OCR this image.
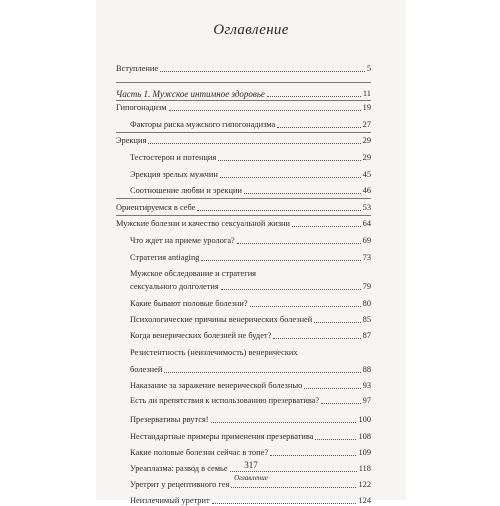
Оглавление
Вступление	5
Часть 1. Мужское интимное здоровье	11
Гипогонадизм	19
Факторы риска мужского гипогонадизма	27
Эрекция	29
Тестостерон и потенция	29
Эрекция зрелых мужчин	45
Соотношение любви и эрекции	46
Ориентируемся в себе	53
Мужские болезни и качество сексуальной жизни	64
Что ждет на приеме уролога?	69
Стратегия antiaging	73
Мужское обследование и стратегия
сексуального долголетия	79
Какие бывают половые болезни?	80
Психологические причины венерических болезней	85
Когда венерических болезней не будет?	87
Резистентность (неизлечимость) венерических
болезней	88
Наказание за заражение венерической болезнью	93
Есть ли препятствия к использованию презерватива?	97
Презервативы рвутся!	100
Нестандартные примеры применения презерватива	108
Какие половые болезни сейчас в топе?	109
Уреаплазма: развод в семье	118
Уретрит у рецептивного гея	122
Неизлечимый уретрит	124
317
Оглавление
